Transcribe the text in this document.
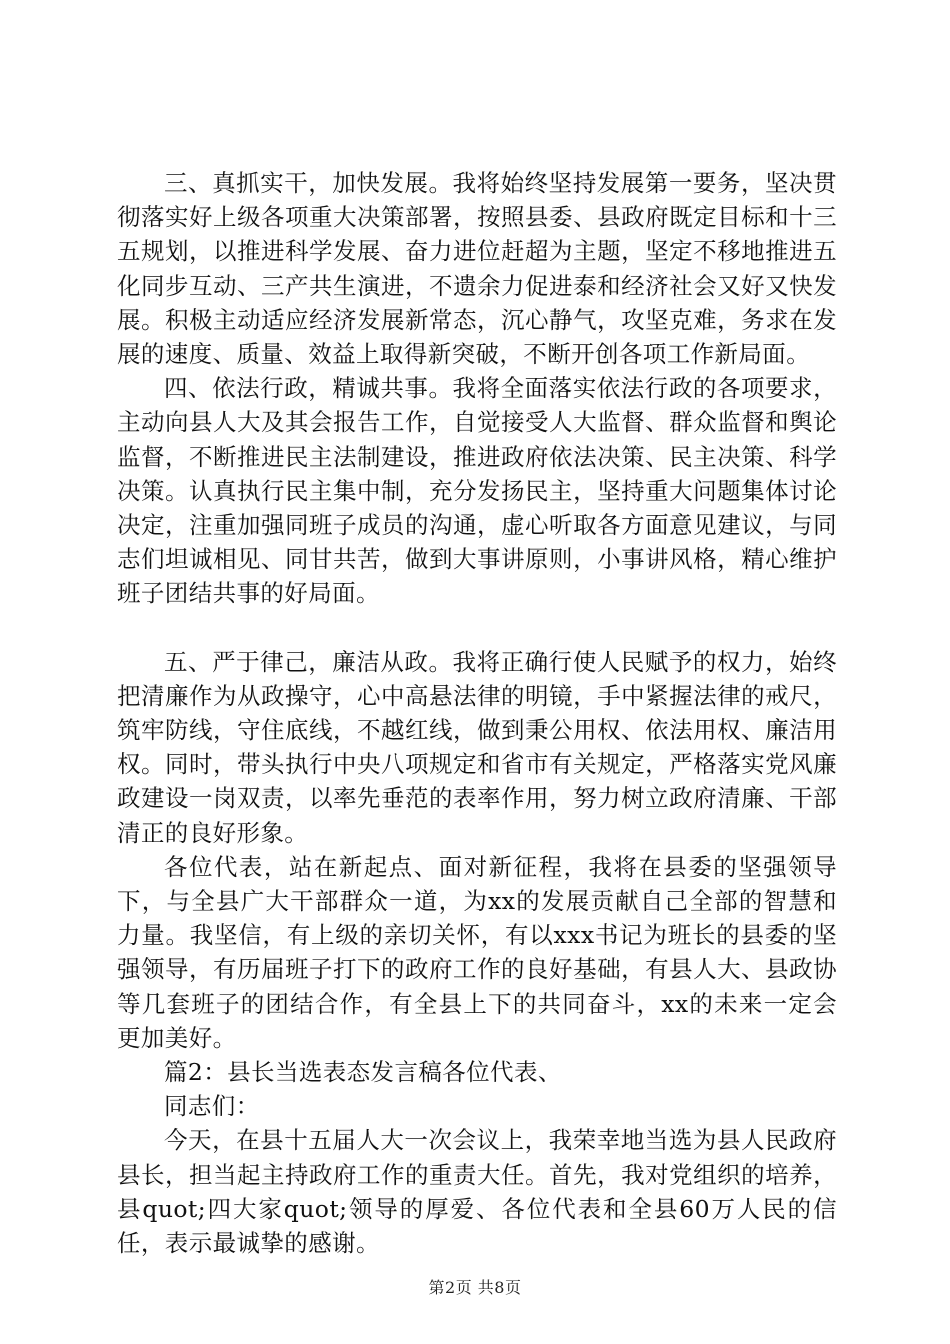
三、真抓实干，加快发展。我将始终坚持发展第一要务，坚决贯彻落实好上级各项重大决策部署，按照县委、县政府既定目标和十三五规划，以推进科学发展、奋力进位赶超为主题，坚定不移地推进五化同步互动、三产共生演进，不遗余力促进泰和经济社会又好又快发展。积极主动适应经济发展新常态，沉心静气，攻坚克难，务求在发展的速度、质量、效益上取得新突破，不断开创各项工作新局面。

四、依法行政，精诚共事。我将全面落实依法行政的各项要求，主动向县人大及其会报告工作，自觉接受人大监督、群众监督和舆论监督，不断推进民主法制建设，推进政府依法决策、民主决策、科学决策。认真执行民主集中制，充分发扬民主，坚持重大问题集体讨论决定，注重加强同班子成员的沟通，虚心听取各方面意见建议，与同志们坦诚相见、同甘共苦，做到大事讲原则，小事讲风格，精心维护班子团结共事的好局面。

五、严于律己，廉洁从政。我将正确行使人民赋予的权力，始终把清廉作为从政操守，心中高悬法律的明镜，手中紧握法律的戒尺，筑牢防线，守住底线，不越红线，做到秉公用权、依法用权、廉洁用权。同时，带头执行中央八项规定和省市有关规定，严格落实党风廉政建设一岗双责，以率先垂范的表率作用，努力树立政府清廉、干部清正的良好形象。

各位代表，站在新起点、面对新征程，我将在县委的坚强领导下，与全县广大干部群众一道，为xx的发展贡献自己全部的智慧和力量。我坚信，有上级的亲切关怀，有以xxx书记为班长的县委的坚强领导，有历届班子打下的政府工作的良好基础，有县人大、县政协等几套班子的团结合作，有全县上下的共同奋斗，xx的未来一定会更加美好。

篇2：县长当选表态发言稿各位代表、

同志们：

今天，在县十五届人大一次会议上，我荣幸地当选为县人民政府县长，担当起主持政府工作的重责大任。首先，我对党组织的培养，县quot;四大家quot;领导的厚爱、各位代表和全县60万人民的信任，表示最诚挚的感谢。

第2页 共8页
